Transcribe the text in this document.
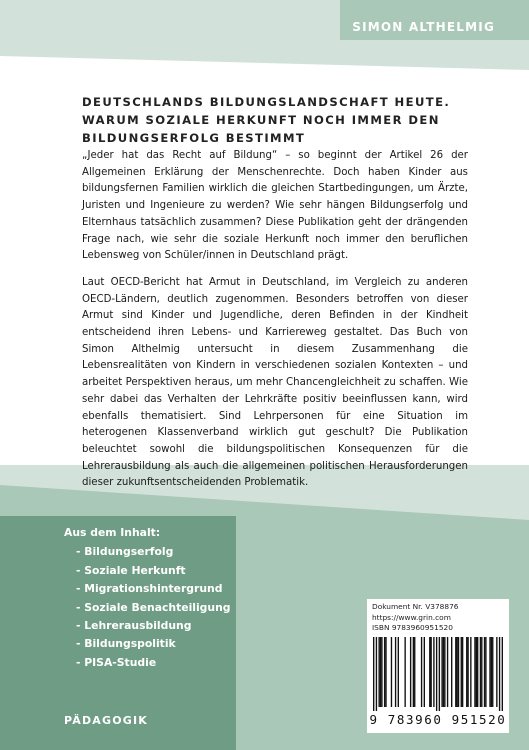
SIMON ALTHELMIG
DEUTSCHLANDS BILDUNGSLANDSCHAFT HEUTE.
WARUM SOZIALE HERKUNFT NOCH IMMER DEN
BILDUNGSERFOLG BESTIMMT

„Jeder hat das Recht auf Bildung“ – so beginnt der Artikel 26 der Allgemeinen Erklärung der Menschenrechte. Doch haben Kinder aus bildungsfernen Familien wirklich die gleichen Startbedingungen, um Ärzte, Juristen und Ingenieure zu werden? Wie sehr hängen Bildungserfolg und Elternhaus tatsächlich zusammen? Diese Publikation geht der drängenden Frage nach, wie sehr die soziale Herkunft noch immer den beruflichen Lebensweg von Schüler/innen in Deutschland prägt.

Laut OECD-Bericht hat Armut in Deutschland, im Vergleich zu anderen OECD-Ländern, deutlich zugenommen. Besonders betroffen von dieser Armut sind Kinder und Jugendliche, deren Befinden in der Kindheit entscheidend ihren Lebens- und Karriereweg gestaltet. Das Buch von Simon Althelmig untersucht in diesem Zusammenhang die Lebensrealitäten von Kindern in verschiedenen sozialen Kontexten – und arbeitet Perspektiven heraus, um mehr Chancengleichheit zu schaffen. Wie sehr dabei das Verhalten der Lehrkräfte positiv beeinflussen kann, wird ebenfalls thematisiert. Sind Lehrpersonen für eine Situation im heterogenen Klassenverband wirklich gut geschult? Die Publikation beleuchtet sowohl die bildungspolitischen Konsequenzen für die Lehrerausbildung als auch die allgemeinen politischen Herausforderungen dieser zukunftsentscheidenden Problematik.

Aus dem Inhalt:
- Bildungserfolg
- Soziale Herkunft
- Migrationshintergrund
- Soziale Benachteiligung
- Lehrerausbildung
- Bildungspolitik
- PISA-Studie
PÄDAGOGIK
Dokument Nr. V378876
https://www.grin.com
ISBN 9783960951520
9 783960 951520
